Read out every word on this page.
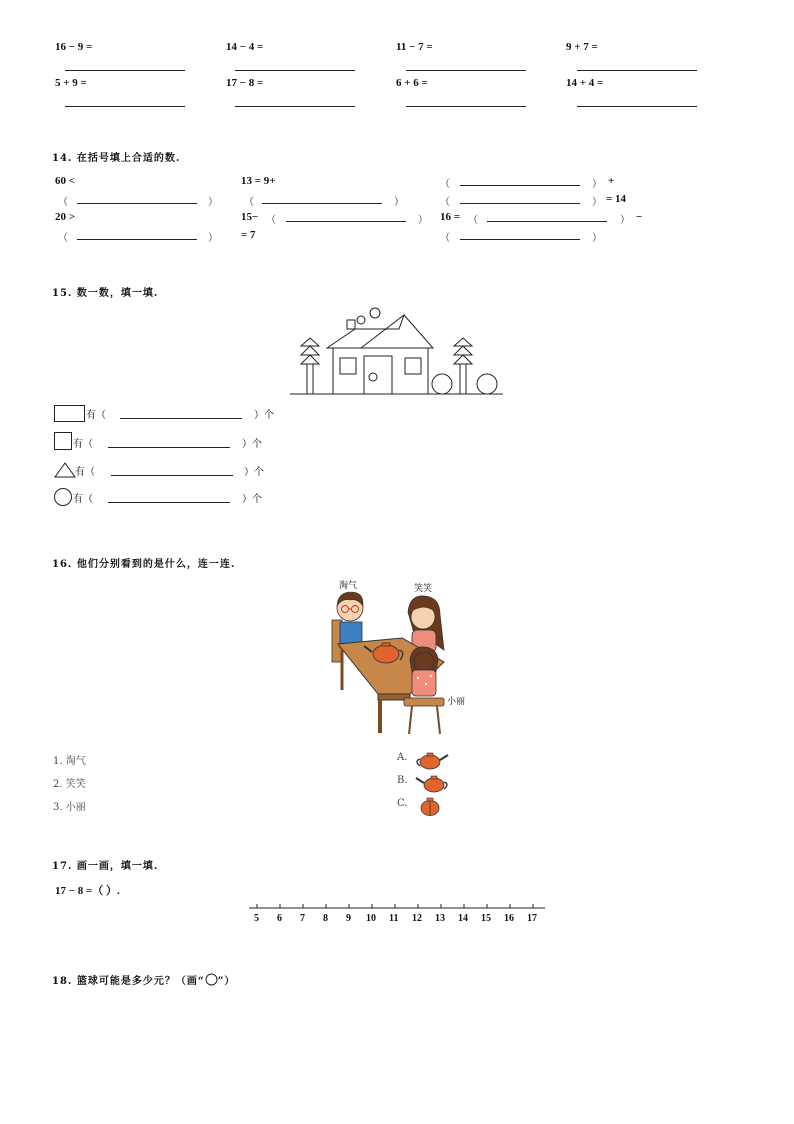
16 − 9 =	14 − 4 =	11 − 7 =	9 + 7 =
5 + 9 =	17 − 8 =	6 + 6 =	14 + 4 =
14. 在括号填上合适的数.
60 <	13 = 9+	（	） +
（	）	（	）	（	） = 14
20 >	15− （	） 16 = （	） −
（	） = 7	（	）
15. 数一数，填一填.
有（	）个
有（	）个
有（	）个
有（	）个
16. 他们分别看到的是什么，连一连.
淘气	笑笑
小丽
1. 淘气
2. 笑笑
3. 小丽
A.
B.
C.
17. 画一画，填一填.
17 − 8 =（ ）.
5 6 7 8 9 10 11 12 13 14 15 16 17
18. 篮球可能是多少元？（画“ ”）
